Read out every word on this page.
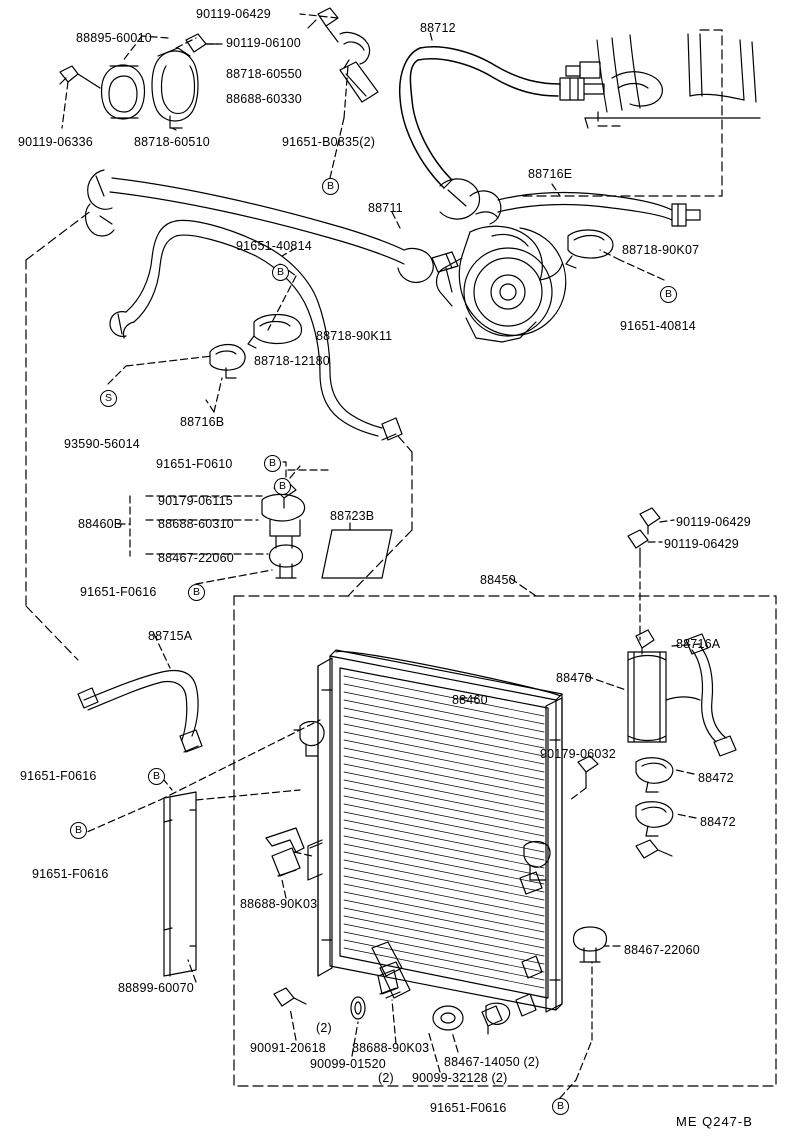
90119-06429
88895-60010	90119-06100
88718-60550
88688-60330
90119-06336	88718-60510	91651-B0835(2)
88712
88716E
88711
91651-40814	88718-90K07
91651-40814
88718-90K11
88718-12180
88716B
93590-56014
91651-F0610
90179-06115
88460B	88688-60310
88467-22060
88723B
91651-F0616
88450
90119-06429
90119-06429
88716A
88470
88715A
88460
90179-06032
88472
88472
91651-F0616
91651-F0616
88688-90K03
88899-60070
88467-22060
90091-20618
(2)
90099-01520
(2)
88688-90K03
88467-14050 (2)
90099-32128 (2)
91651-F0616
B
B
B
S
B
B
B
B
B
B
ME Q247-B
